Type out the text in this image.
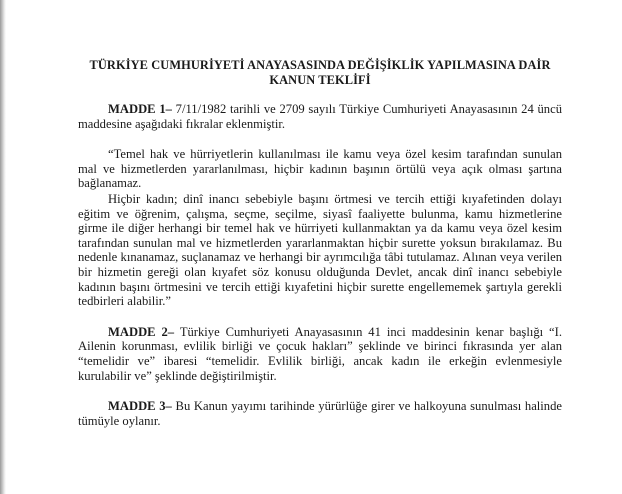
TÜRKİYE CUMHURİYETİ ANAYASASINDA DEĞİŞİKLİK YAPILMASINA DAİR
KANUN TEKLİFİ

MADDE 1– 7/11/1982 tarihli ve 2709 sayılı Türkiye Cumhuriyeti Anayasasının 24 üncü maddesine aşağıdaki fıkralar eklenmiştir.

“Temel hak ve hürriyetlerin kullanılması ile kamu veya özel kesim tarafından sunulan mal ve hizmetlerden yararlanılması, hiçbir kadının başının örtülü veya açık olması şartına bağlanamaz.

Hiçbir kadın; dinî inancı sebebiyle başını örtmesi ve tercih ettiği kıyafetinden dolayı eğitim ve öğrenim, çalışma, seçme, seçilme, siyasî faaliyette bulunma, kamu hizmetlerine girme ile diğer herhangi bir temel hak ve hürriyeti kullanmaktan ya da kamu veya özel kesim tarafından sunulan mal ve hizmetlerden yararlanmaktan hiçbir surette yoksun bırakılamaz. Bu nedenle kınanamaz, suçlanamaz ve herhangi bir ayrımcılığa tâbi tutulamaz. Alınan veya verilen bir hizmetin gereği olan kıyafet söz konusu olduğunda Devlet, ancak dinî inancı sebebiyle kadının başını örtmesini ve tercih ettiği kıyafetini hiçbir surette engellememek şartıyla gerekli tedbirleri alabilir.”

MADDE 2– Türkiye Cumhuriyeti Anayasasının 41 inci maddesinin kenar başlığı “I. Ailenin korunması, evlilik birliği ve çocuk hakları” şeklinde ve birinci fıkrasında yer alan “temelidir ve” ibaresi “temelidir. Evlilik birliği, ancak kadın ile erkeğin evlenmesiyle kurulabilir ve” şeklinde değiştirilmiştir.

MADDE 3– Bu Kanun yayımı tarihinde yürürlüğe girer ve halkoyuna sunulması halinde tümüyle oylanır.
